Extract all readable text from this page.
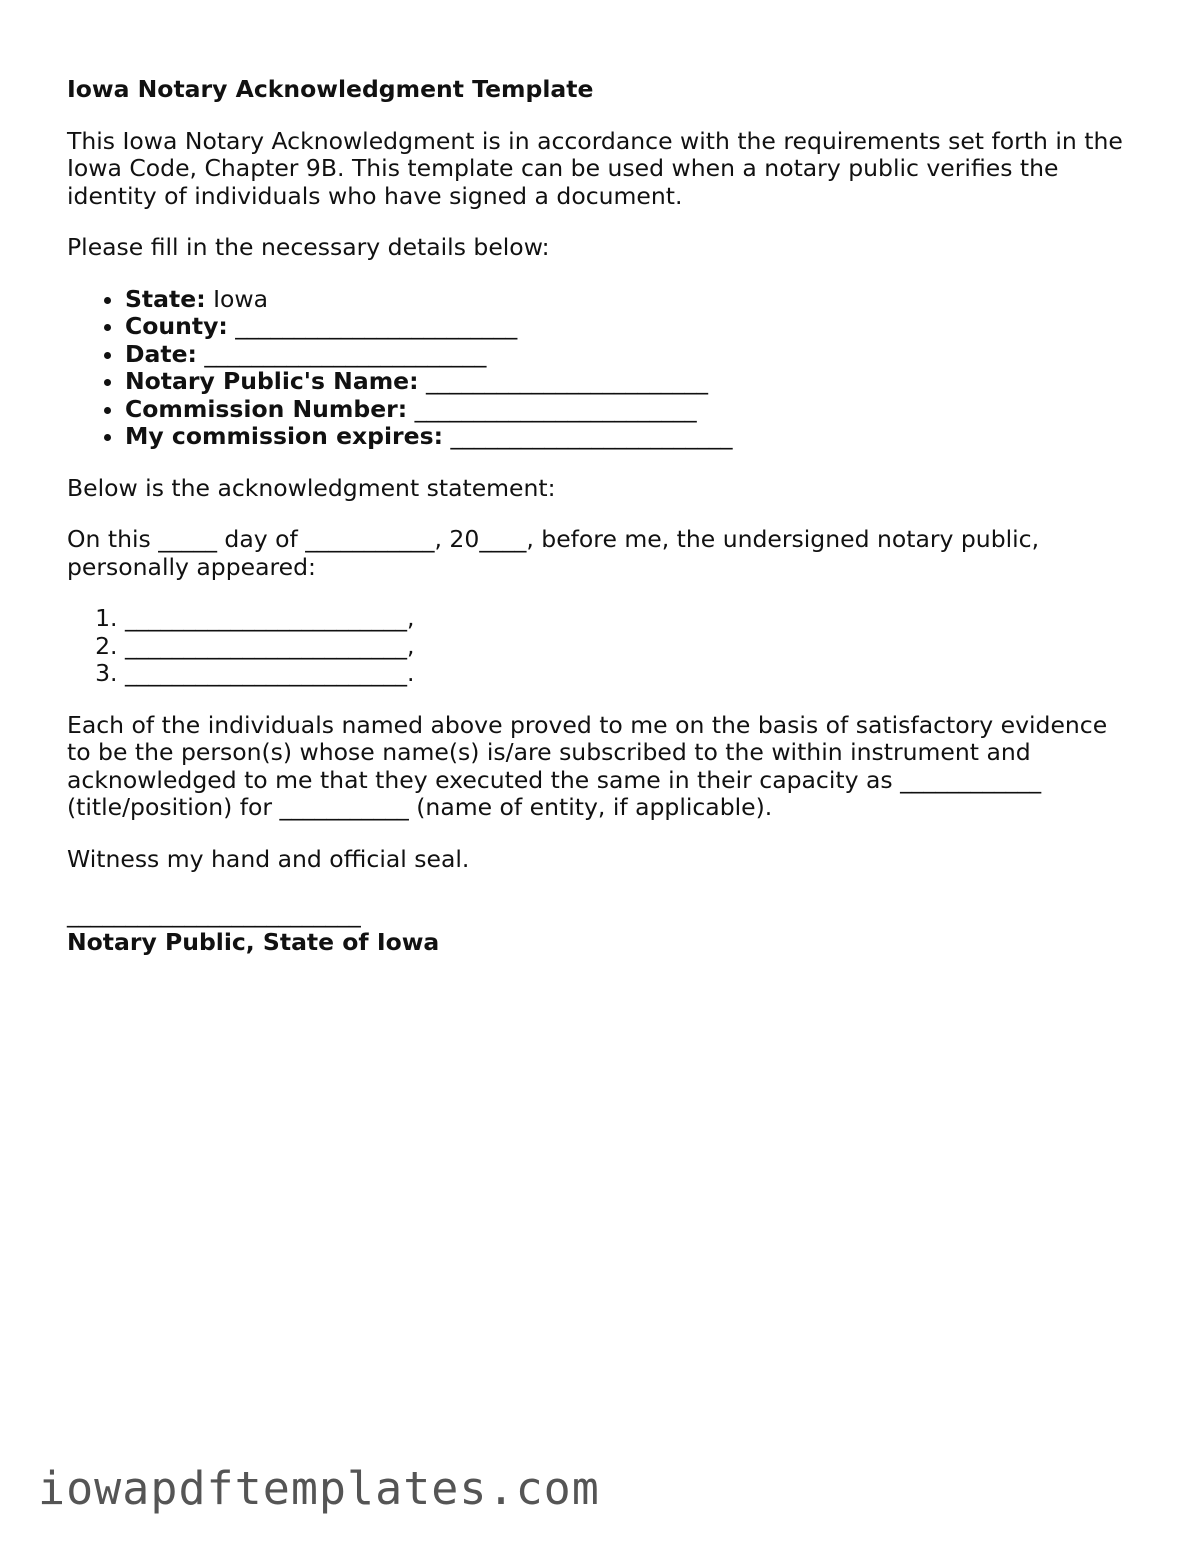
Iowa Notary Acknowledgment Template

This Iowa Notary Acknowledgment is in accordance with the requirements set forth in the Iowa Code, Chapter 9B. This template can be used when a notary public verifies the identity of individuals who have signed a document.

Please fill in the necessary details below:

• State: Iowa
• County: ________________________
• Date: ________________________
• Notary Public's Name: ________________________
• Commission Number: ________________________
• My commission expires: ________________________

Below is the acknowledgment statement:

On this _____ day of ___________, 20____, before me, the undersigned notary public, personally appeared:

1. ________________________,
2. ________________________,
3. ________________________.

Each of the individuals named above proved to me on the basis of satisfactory evidence to be the person(s) whose name(s) is/are subscribed to the within instrument and acknowledged to me that they executed the same in their capacity as ____________ (title/position) for ___________ (name of entity, if applicable).

Witness my hand and official seal.

_________________________
Notary Public, State of Iowa
iowapdftemplates.com
